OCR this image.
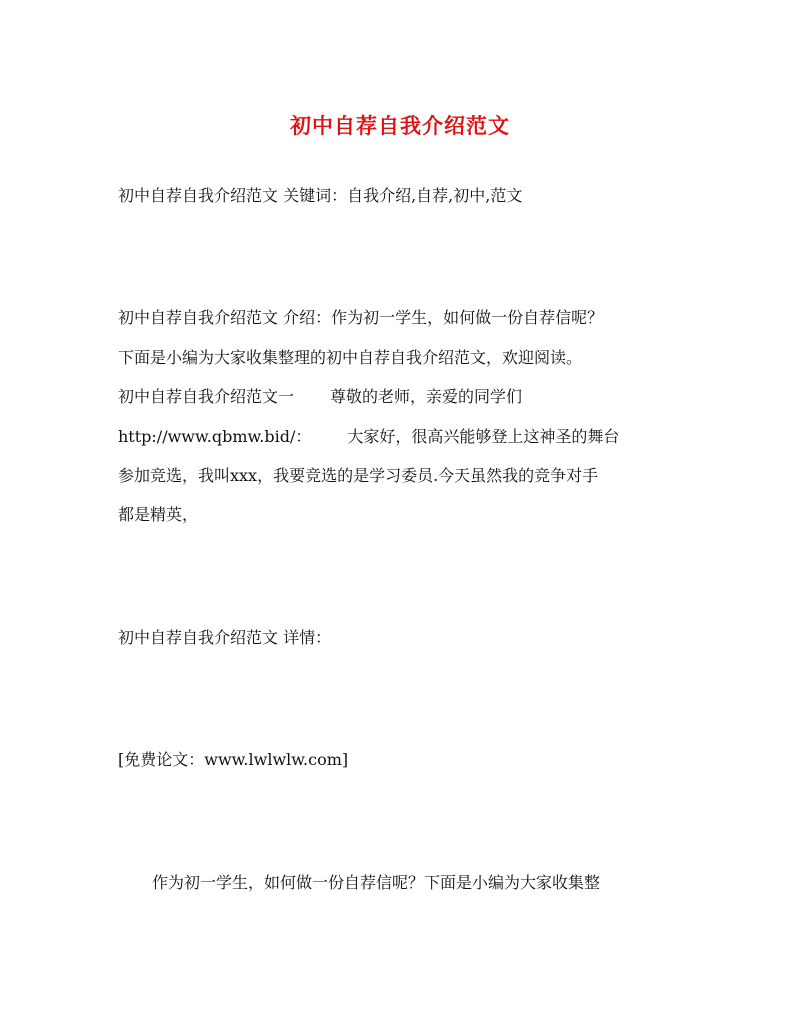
初中自荐自我介绍范文
初中自荐自我介绍范文 关键词：自我介绍,自荐,初中,范文
初中自荐自我介绍范文 介绍：作为初一学生，如何做一份自荐信呢？
下面是小编为大家收集整理的初中自荐自我介绍范文，欢迎阅读。
初中自荐自我介绍范文一 尊敬的老师，亲爱的同学们
http://www.qbmw.bid/： 大家好，很高兴能够登上这神圣的舞台
参加竞选，我叫xxx，我要竞选的是学习委员.今天虽然我的竞争对手
都是精英，
初中自荐自我介绍范文 详情：
[免费论文：www.lwlwlw.com]
作为初一学生，如何做一份自荐信呢？下面是小编为大家收集整
